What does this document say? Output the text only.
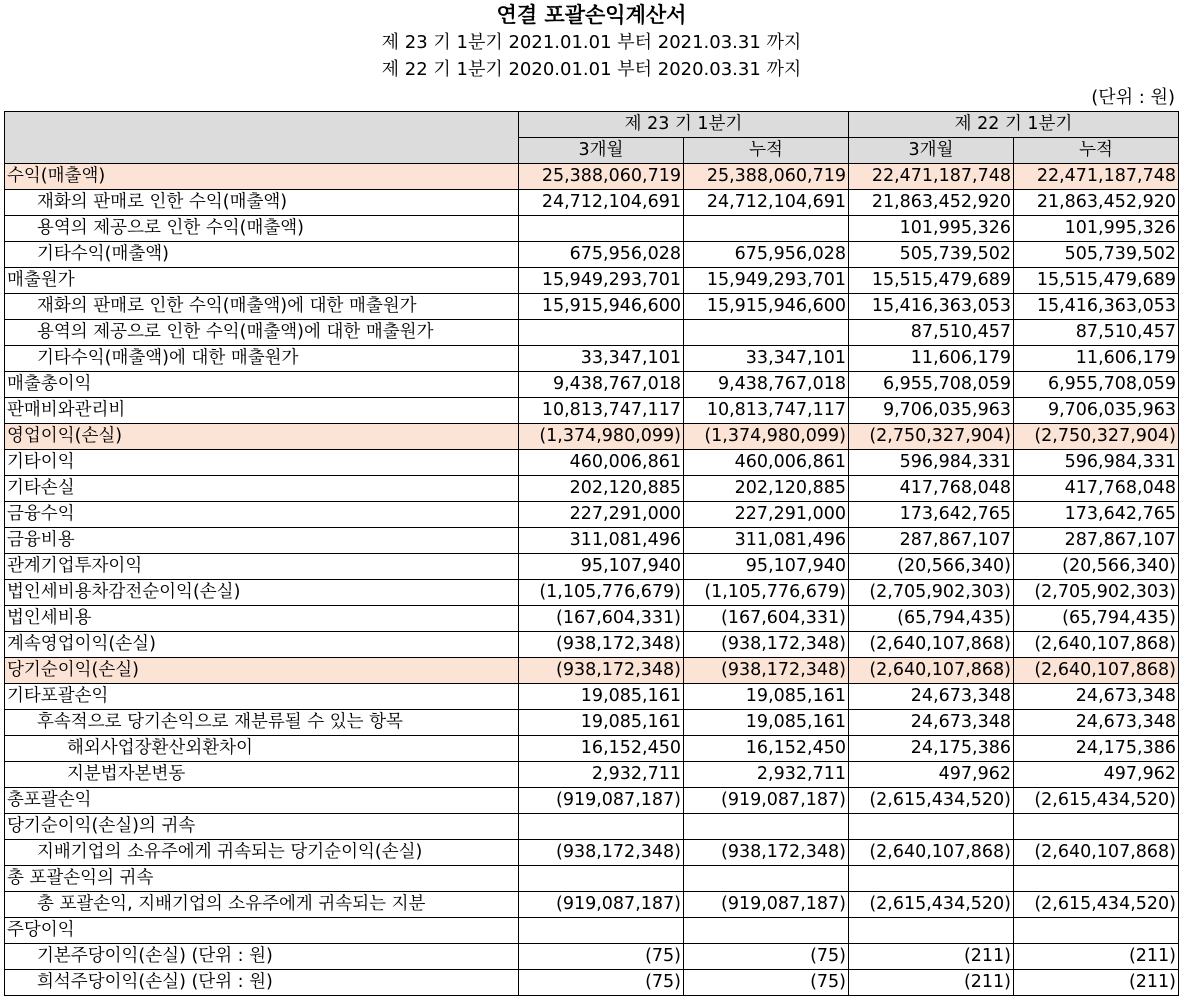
연결 포괄손익계산서
제 23 기 1분기 2021.01.01 부터 2021.03.31 까지
제 22 기 1분기 2020.01.01 부터 2020.03.31 까지
(단위 : 원)
	제 23 기 1분기		제 22 기 1분기	
	3개월	누적	3개월	누적
수익(매출액)	25,388,060,719	25,388,060,719	22,471,187,748	22,471,187,748
재화의 판매로 인한 수익(매출액)	24,712,104,691	24,712,104,691	21,863,452,920	21,863,452,920
용역의 제공으로 인한 수익(매출액)			101,995,326	101,995,326
기타수익(매출액)	675,956,028	675,956,028	505,739,502	505,739,502
매출원가	15,949,293,701	15,949,293,701	15,515,479,689	15,515,479,689
재화의 판매로 인한 수익(매출액)에 대한 매출원가	15,915,946,600	15,915,946,600	15,416,363,053	15,416,363,053
용역의 제공으로 인한 수익(매출액)에 대한 매출원가			87,510,457	87,510,457
기타수익(매출액)에 대한 매출원가	33,347,101	33,347,101	11,606,179	11,606,179
매출총이익	9,438,767,018	9,438,767,018	6,955,708,059	6,955,708,059
판매비와관리비	10,813,747,117	10,813,747,117	9,706,035,963	9,706,035,963
영업이익(손실)	(1,374,980,099)	(1,374,980,099)	(2,750,327,904)	(2,750,327,904)
기타이익	460,006,861	460,006,861	596,984,331	596,984,331
기타손실	202,120,885	202,120,885	417,768,048	417,768,048
금융수익	227,291,000	227,291,000	173,642,765	173,642,765
금융비용	311,081,496	311,081,496	287,867,107	287,867,107
관계기업투자이익	95,107,940	95,107,940	(20,566,340)	(20,566,340)
법인세비용차감전순이익(손실)	(1,105,776,679)	(1,105,776,679)	(2,705,902,303)	(2,705,902,303)
법인세비용	(167,604,331)	(167,604,331)	(65,794,435)	(65,794,435)
계속영업이익(손실)	(938,172,348)	(938,172,348)	(2,640,107,868)	(2,640,107,868)
당기순이익(손실)	(938,172,348)	(938,172,348)	(2,640,107,868)	(2,640,107,868)
기타포괄손익	19,085,161	19,085,161	24,673,348	24,673,348
후속적으로 당기손익으로 재분류될 수 있는 항목	19,085,161	19,085,161	24,673,348	24,673,348
해외사업장환산외환차이	16,152,450	16,152,450	24,175,386	24,175,386
지분법자본변동	2,932,711	2,932,711	497,962	497,962
총포괄손익	(919,087,187)	(919,087,187)	(2,615,434,520)	(2,615,434,520)
당기순이익(손실)의 귀속				
지배기업의 소유주에게 귀속되는 당기순이익(손실)	(938,172,348)	(938,172,348)	(2,640,107,868)	(2,640,107,868)
총 포괄손익의 귀속				
총 포괄손익, 지배기업의 소유주에게 귀속되는 지분	(919,087,187)	(919,087,187)	(2,615,434,520)	(2,615,434,520)
주당이익				
기본주당이익(손실) (단위 : 원)	(75)	(75)	(211)	(211)
희석주당이익(손실) (단위 : 원)	(75)	(75)	(211)	(211)
